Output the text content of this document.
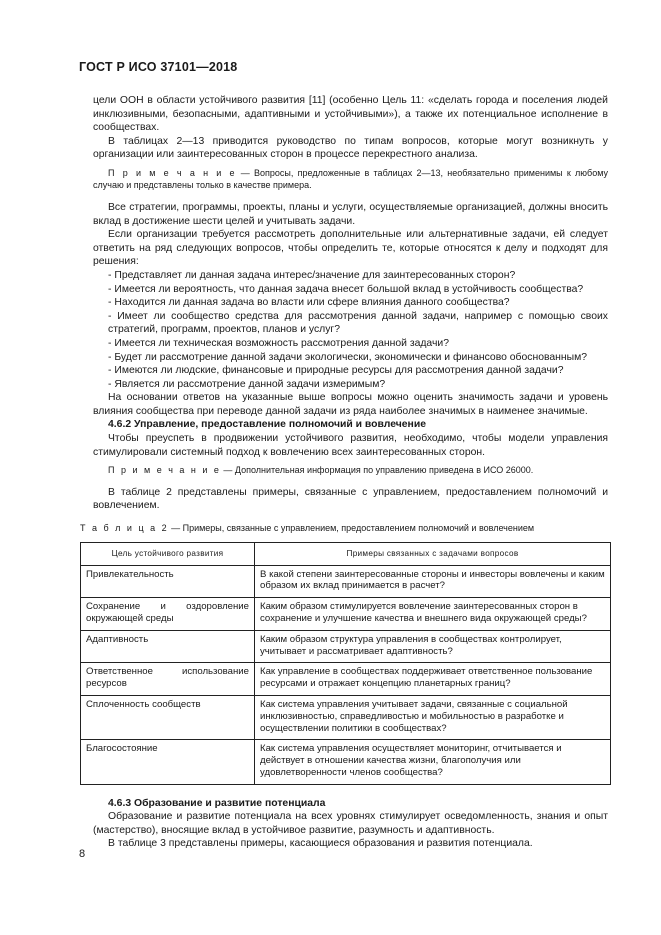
ГОСТ Р ИСО 37101—2018

цели ООН в области устойчивого развития [11] (особенно Цель 11: «сделать города и поселения людей инклюзивными, безопасными, адаптивными и устойчивыми»), а также их потенциальное исполнение в сообществах.

В таблицах 2—13 приводится руководство по типам вопросов, которые могут возникнуть у организации или заинтересованных сторон в процессе перекрестного анализа.

П р и м е ч а н и е — Вопросы, предложенные в таблицах 2—13, необязательно применимы к любому случаю и представлены только в качестве примера.

Все стратегии, программы, проекты, планы и услуги, осуществляемые организацией, должны вносить вклад в достижение шести целей и учитывать задачи.

Если организации требуется рассмотреть дополнительные или альтернативные задачи, ей следует ответить на ряд следующих вопросов, чтобы определить те, которые относятся к делу и подходят для решения:

- Представляет ли данная задача интерес/значение для заинтересованных сторон?
- Имеется ли вероятность, что данная задача внесет большой вклад в устойчивость сообщества?
- Находится ли данная задача во власти или сфере влияния данного сообщества?
- Имеет ли сообщество средства для рассмотрения данной задачи, например с помощью своих стратегий, программ, проектов, планов и услуг?
- Имеется ли техническая возможность рассмотрения данной задачи?
- Будет ли рассмотрение данной задачи экологически, экономически и финансово обоснованным?
- Имеются ли людские, финансовые и природные ресурсы для рассмотрения данной задачи?
- Является ли рассмотрение данной задачи измеримым?

На основании ответов на указанные выше вопросы можно оценить значимость задачи и уровень влияния сообщества при переводе данной задачи из ряда наиболее значимых в наименее значимые.

4.6.2 Управление, предоставление полномочий и вовлечение

Чтобы преуспеть в продвижении устойчивого развития, необходимо, чтобы модели управления стимулировали системный подход к вовлечению всех заинтересованных сторон.

П р и м е ч а н и е — Дополнительная информация по управлению приведена в ИСО 26000.

В таблице 2 представлены примеры, связанные с управлением, предоставлением полномочий и вовлечением.

Т а б л и ц а 2 — Примеры, связанные с управлением, предоставлением полномочий и вовлечением
Цель устойчивого развития	Примеры связанных с задачами вопросов
Привлекательность	В какой степени заинтересованные стороны и инвесторы вовлечены и каким образом их вклад принимается в расчет?
Сохранение и оздоровление окружающей среды	Каким образом стимулируется вовлечение заинтересованных сторон в сохранение и улучшение качества и внешнего вида окружающей среды?
Адаптивность	Каким образом структура управления в сообществах контролирует, учитывает и рассматривает адаптивность?
Ответственное использование ресурсов	Как управление в сообществах поддерживает ответственное пользование ресурсами и отражает концепцию планетарных границ?
Сплоченность сообществ	Как система управления учитывает задачи, связанные с социальной инклюзивностью, справедливостью и мобильностью в разработке и осуществлении политики в сообществах?
Благосостояние	Как система управления осуществляет мониторинг, отчитывается и действует в отношении качества жизни, благополучия или удовлетворенности членов сообщества?

4.6.3 Образование и развитие потенциала

Образование и развитие потенциала на всех уровнях стимулирует осведомленность, знания и опыт (мастерство), вносящие вклад в устойчивое развитие, разумность и адаптивность.

В таблице 3 представлены примеры, касающиеся образования и развития потенциала.

8
